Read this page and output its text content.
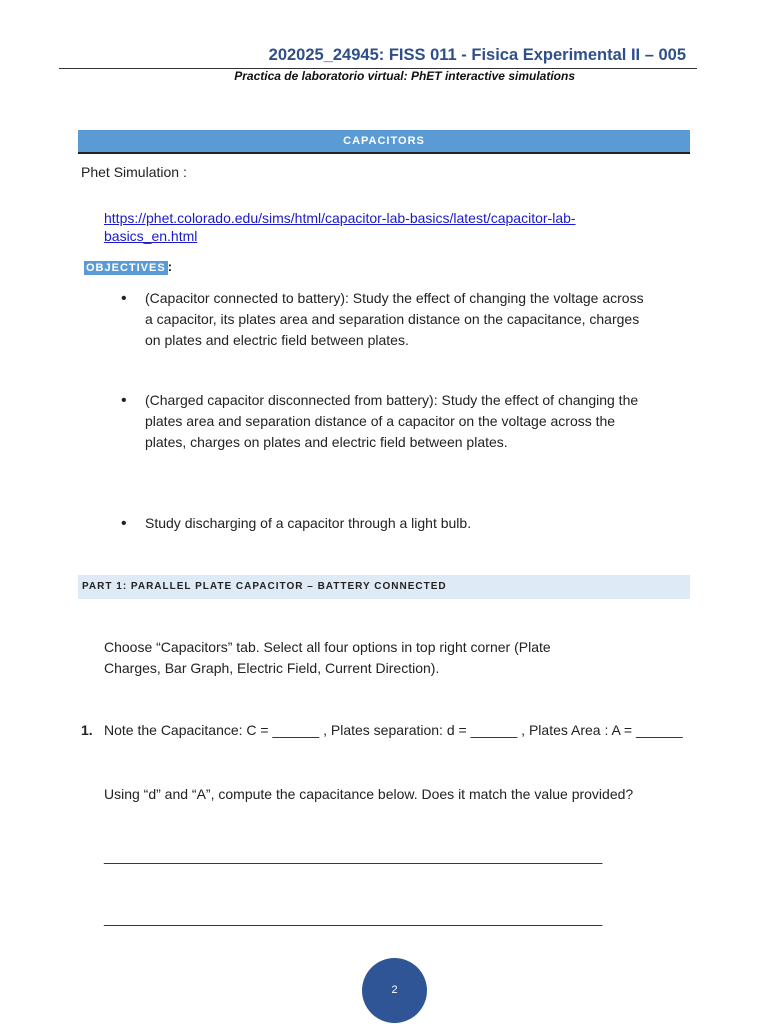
202025_24945: FISS 011 - Fisica Experimental II – 005
Practica de laboratorio virtual: PhET interactive simulations
CAPACITORS
Phet Simulation :
https://phet.colorado.edu/sims/html/capacitor-lab-basics/latest/capacitor-lab-
basics_en.html
OBJECTIVES :
• (Capacitor connected to battery): Study the effect of changing the voltage across a capacitor, its plates area and separation distance on the capacitance, charges on plates and electric field between plates.
• (Charged capacitor disconnected from battery): Study the effect of changing the plates area and separation distance of a capacitor on the voltage across the plates, charges on plates and electric field between plates.
• Study discharging of a capacitor through a light bulb.
PART 1: PARALLEL PLATE CAPACITOR – BATTERY CONNECTED
Choose “Capacitors” tab. Select all four options in top right corner (Plate Charges, Bar Graph, Electric Field, Current Direction).
1. Note the Capacitance: C = ______ , Plates separation: d = ______ , Plates Area : A = ______
Using “d” and “A”, compute the capacitance below. Does it match the value provided?
________________________________________________________________
________________________________________________________________
2
